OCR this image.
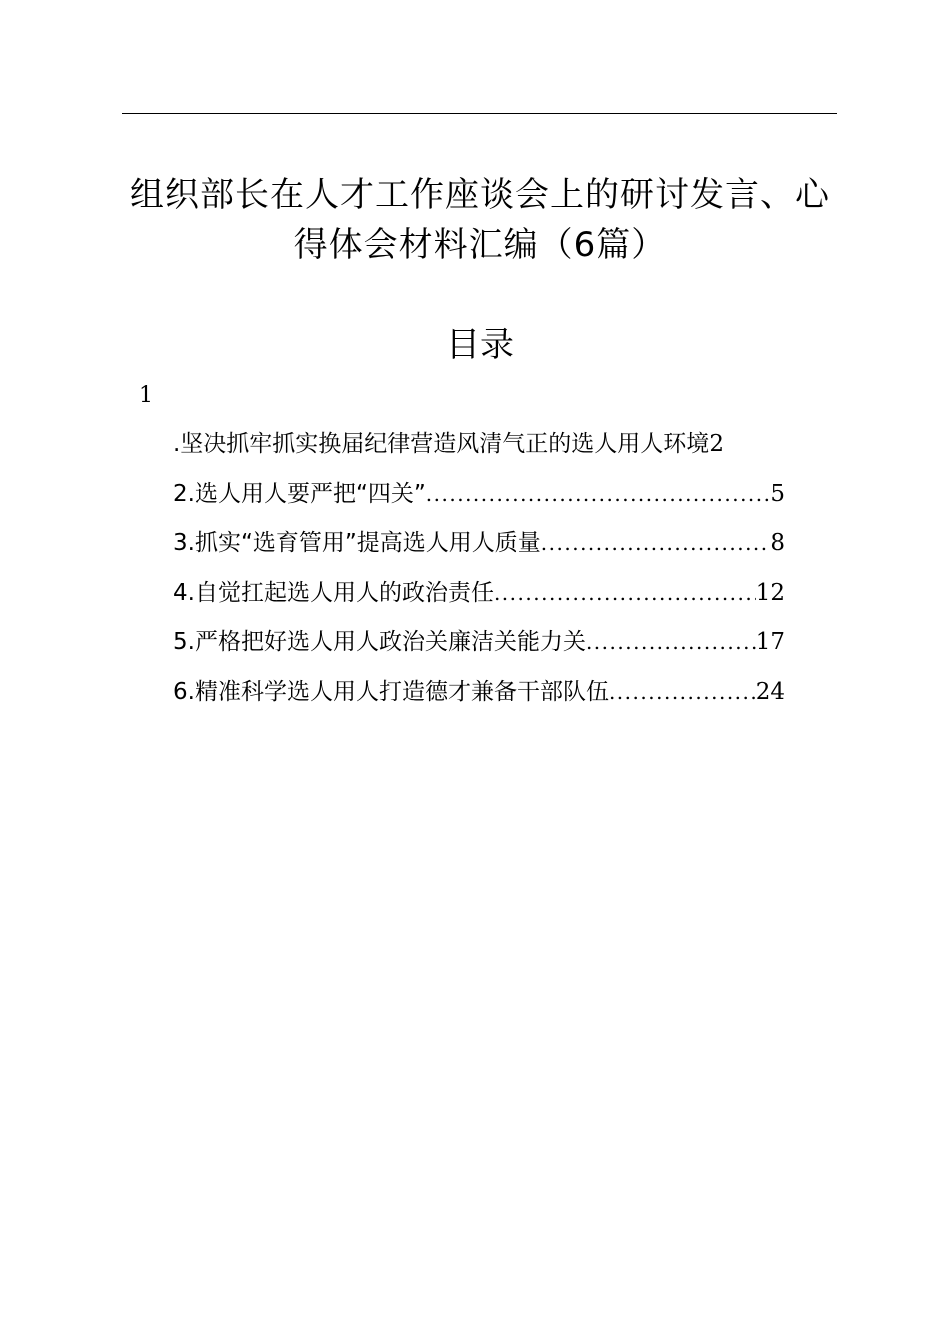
组织部长在人才工作座谈会上的研讨发言、心
得体会材料汇编（6篇）
目录
1
.坚决抓牢抓实换届纪律营造风清气正的选人用人环境 2
2.选人用人要严把“四关” .....	5
3.抓实“选育管用”提高选人用人质量 .....	8
4.自觉扛起选人用人的政治责任 .....	12
5.严格把好选人用人政治关廉洁关能力关 .....	17
6.精准科学选人用人打造德才兼备干部队伍 .....	24
